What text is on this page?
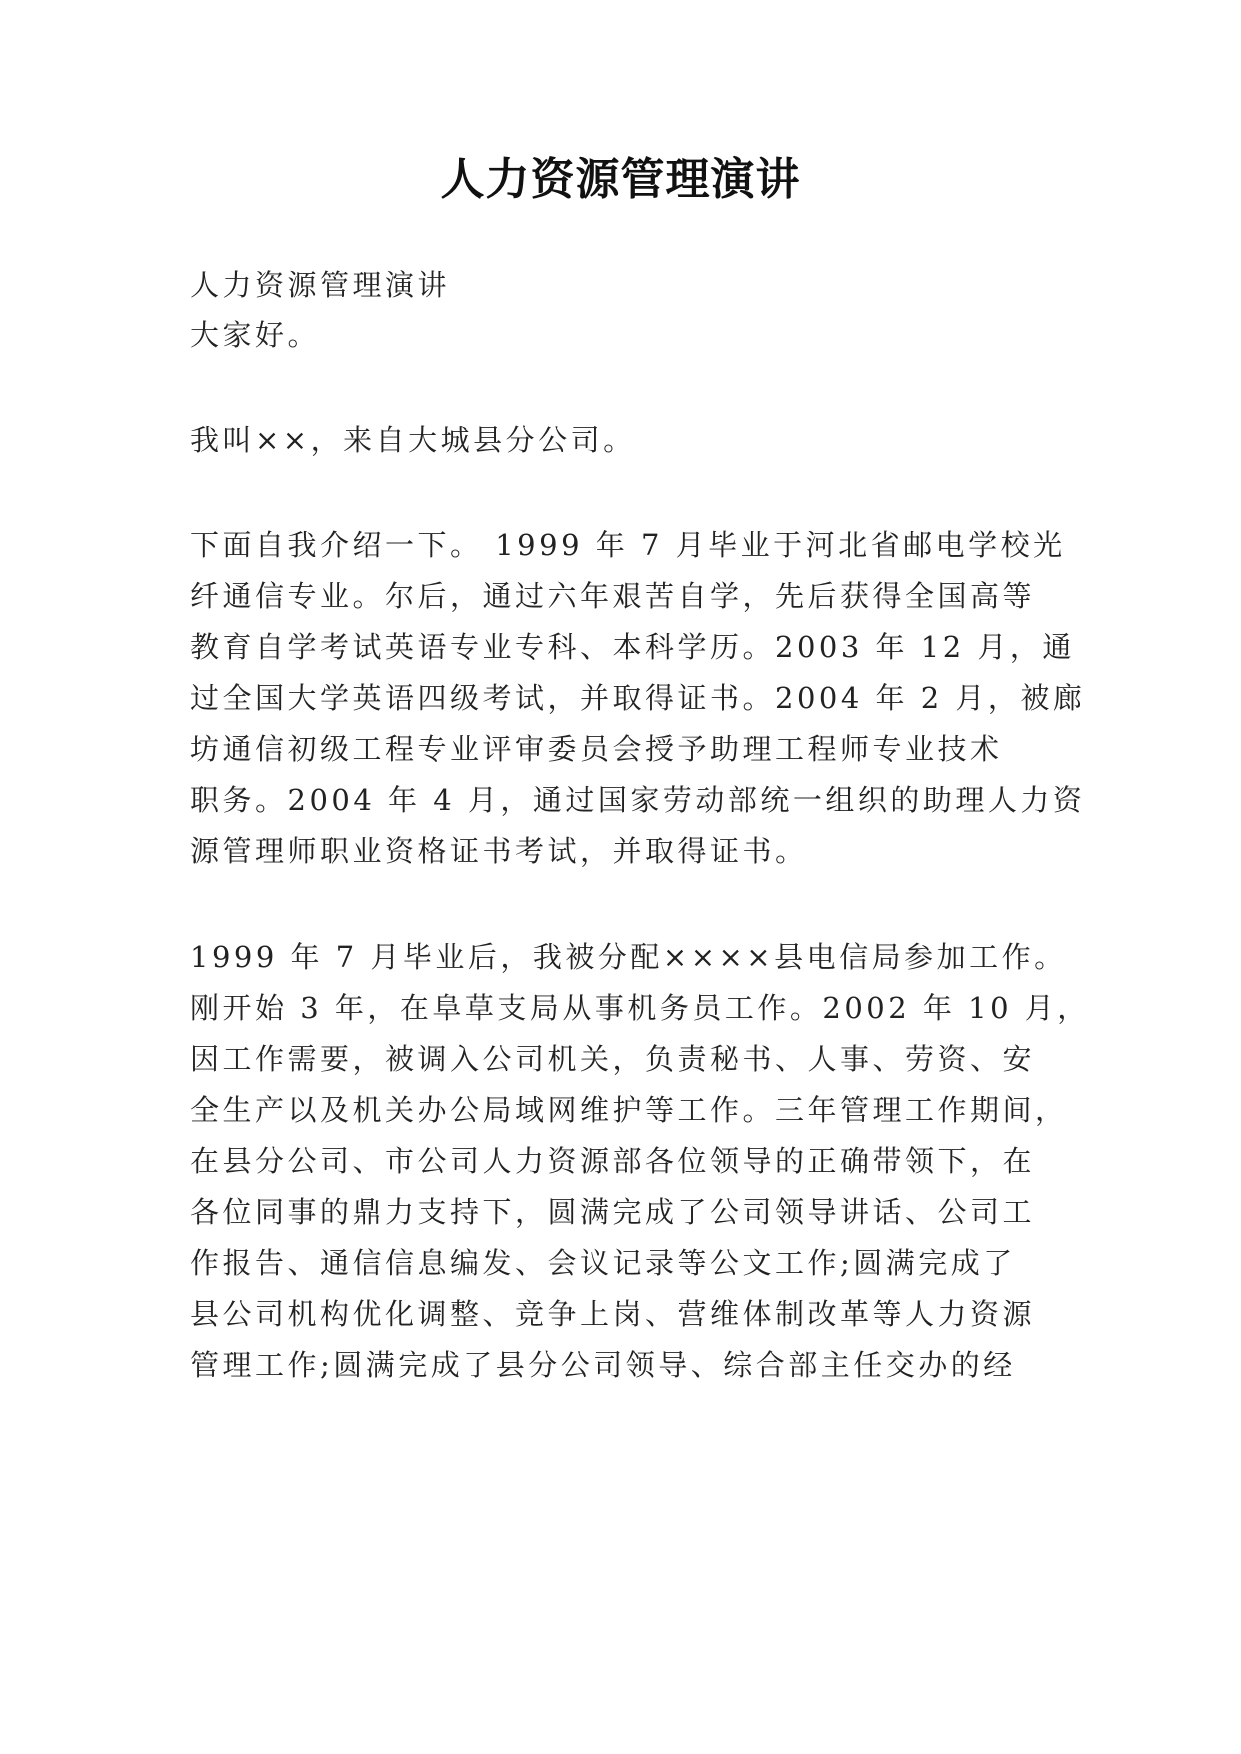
人力资源管理演讲
人力资源管理演讲
大家好。
我叫××，来自大城县分公司。
下面自我介绍一下。 1999 年 7 月毕业于河北省邮电学校光
纤通信专业。尔后，通过六年艰苦自学，先后获得全国高等
教育自学考试英语专业专科、本科学历。2003 年 12 月，通
过全国大学英语四级考试，并取得证书。2004 年 2 月，被廊
坊通信初级工程专业评审委员会授予助理工程师专业技术
职务。2004 年 4 月，通过国家劳动部统一组织的助理人力资
源管理师职业资格证书考试，并取得证书。
1999 年 7 月毕业后，我被分配××××县电信局参加工作。
刚开始 3 年，在阜草支局从事机务员工作。2002 年 10 月，
因工作需要，被调入公司机关，负责秘书、人事、劳资、安
全生产以及机关办公局域网维护等工作。三年管理工作期间，
在县分公司、市公司人力资源部各位领导的正确带领下，在
各位同事的鼎力支持下，圆满完成了公司领导讲话、公司工
作报告、通信信息编发、会议记录等公文工作;圆满完成了
县公司机构优化调整、竞争上岗、营维体制改革等人力资源
管理工作;圆满完成了县分公司领导、综合部主任交办的经
